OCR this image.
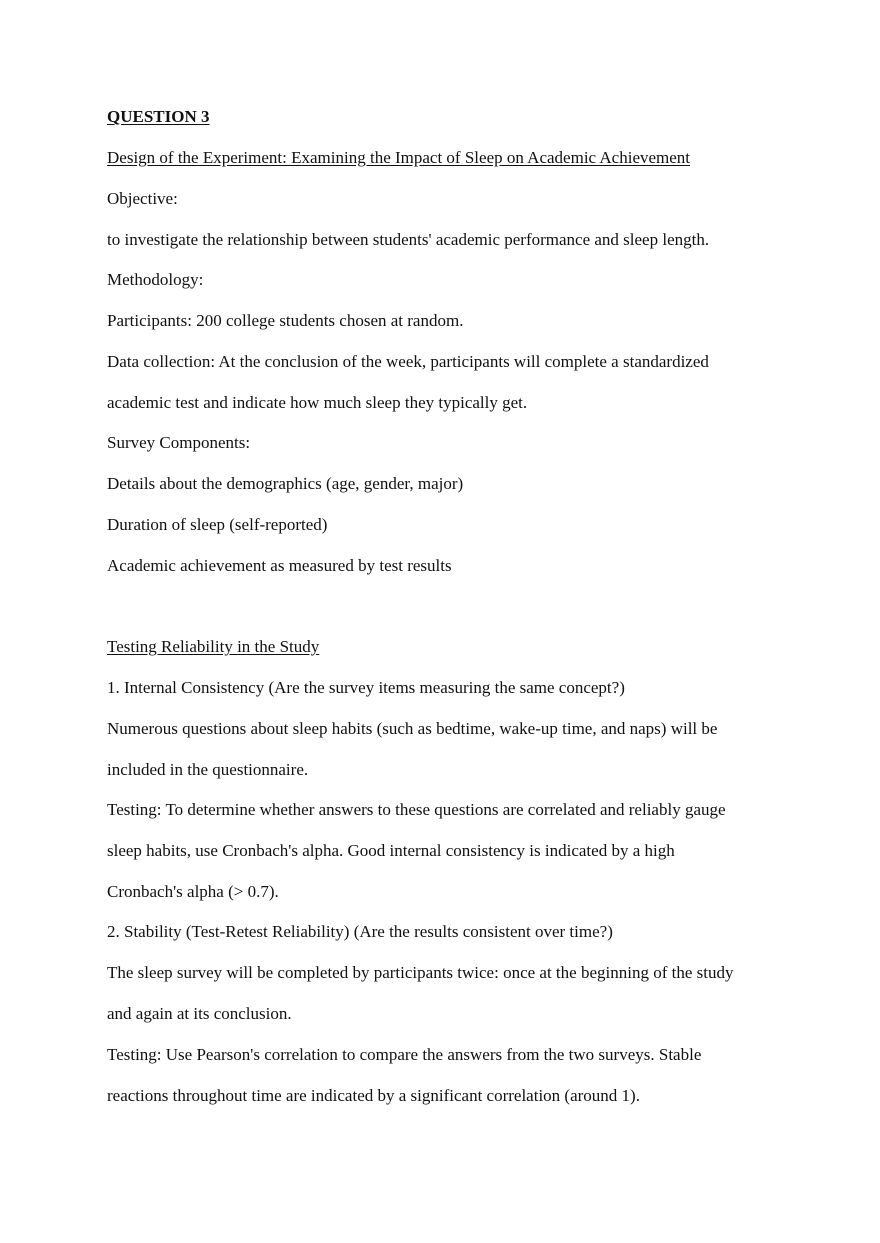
QUESTION 3
Design of the Experiment: Examining the Impact of Sleep on Academic Achievement
Objective:
to investigate the relationship between students' academic performance and sleep length.
Methodology:
Participants: 200 college students chosen at random.
Data collection: At the conclusion of the week, participants will complete a standardized
academic test and indicate how much sleep they typically get.
Survey Components:
Details about the demographics (age, gender, major)
Duration of sleep (self-reported)
Academic achievement as measured by test results
Testing Reliability in the Study
1. Internal Consistency (Are the survey items measuring the same concept?)
Numerous questions about sleep habits (such as bedtime, wake-up time, and naps) will be
included in the questionnaire.
Testing: To determine whether answers to these questions are correlated and reliably gauge
sleep habits, use Cronbach's alpha. Good internal consistency is indicated by a high
Cronbach's alpha (> 0.7).
2. Stability (Test-Retest Reliability) (Are the results consistent over time?)
The sleep survey will be completed by participants twice: once at the beginning of the study
and again at its conclusion.
Testing: Use Pearson's correlation to compare the answers from the two surveys. Stable
reactions throughout time are indicated by a significant correlation (around 1).
